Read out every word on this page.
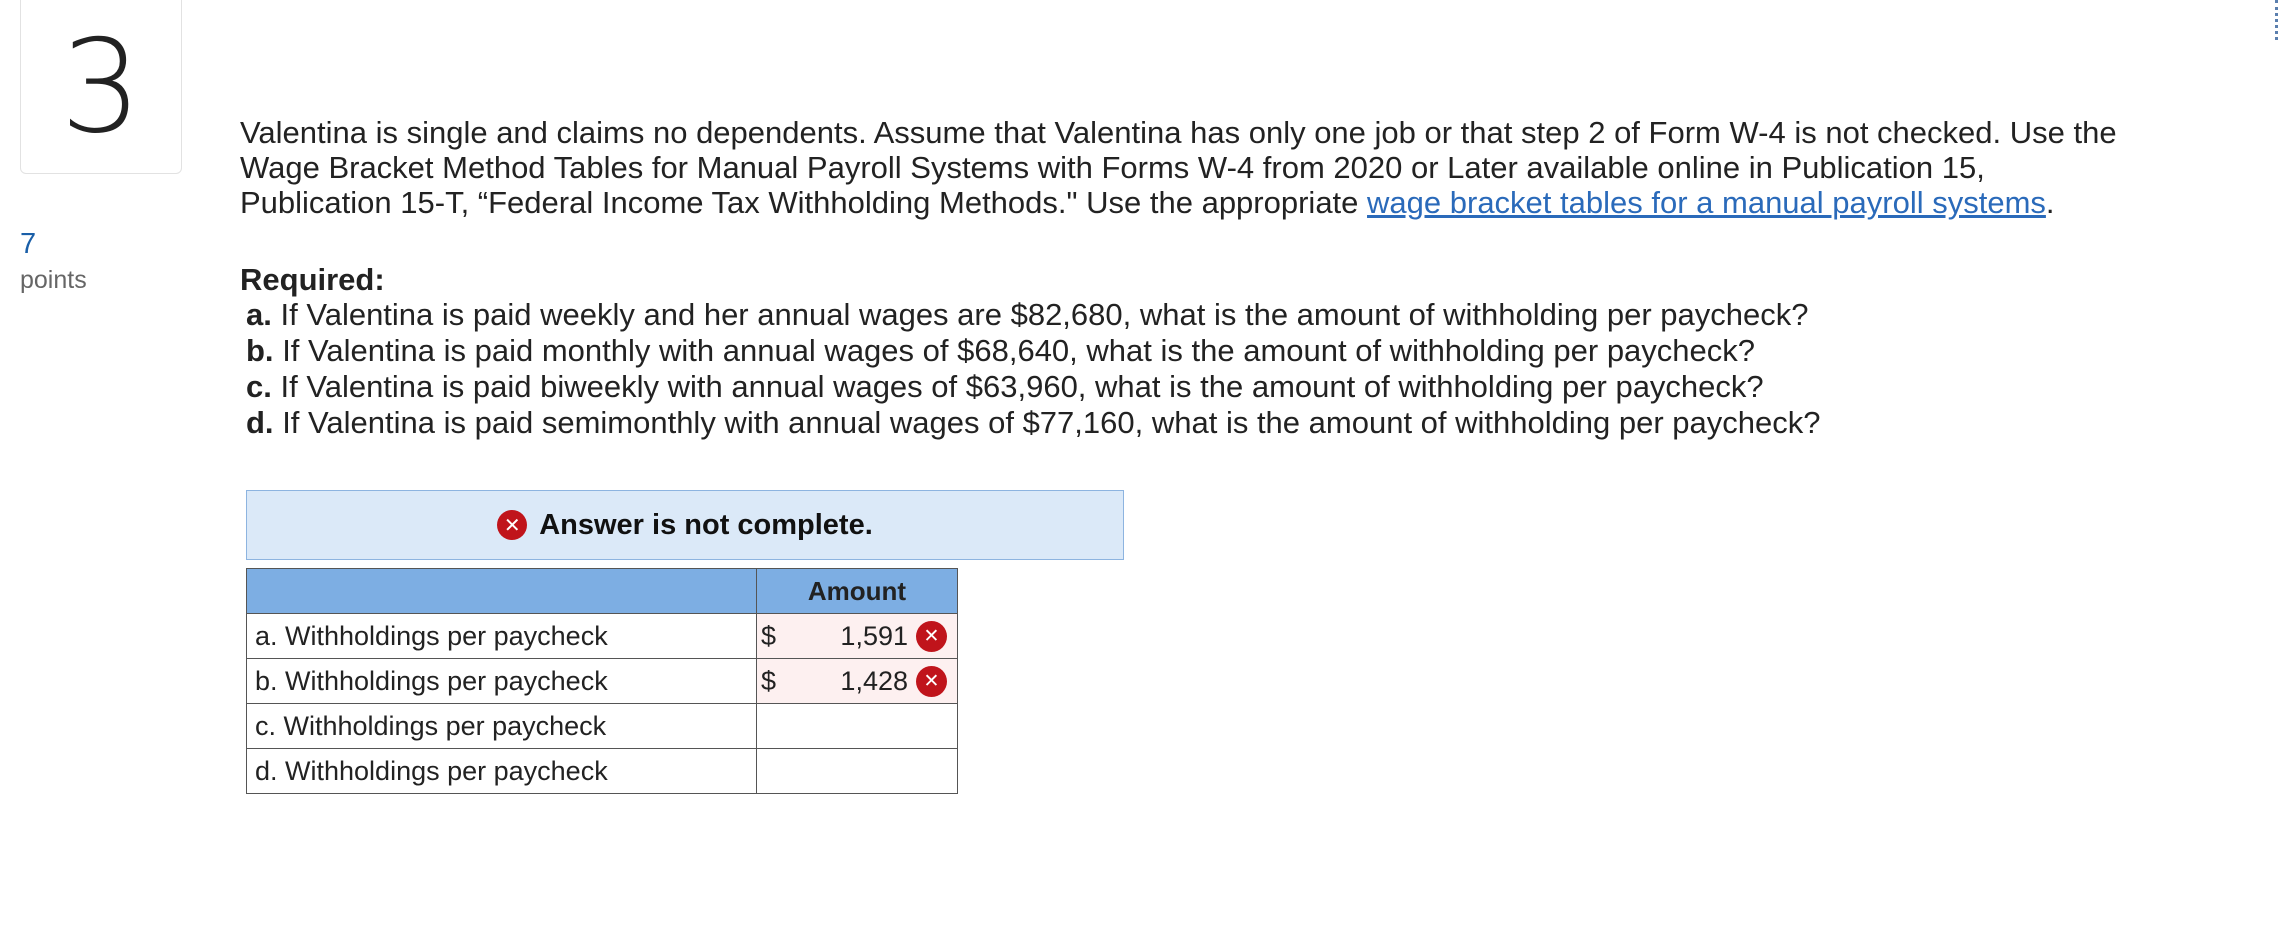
3
7
points
Valentina is single and claims no dependents. Assume that Valentina has only one job or that step 2 of Form W-4 is not checked. Use the Wage Bracket Method Tables for Manual Payroll Systems with Forms W-4 from 2020 or Later available online in Publication 15, Publication 15-T, “Federal Income Tax Withholding Methods." Use the appropriate wage bracket tables for a manual payroll systems.
Required:
a. If Valentina is paid weekly and her annual wages are $82,680, what is the amount of withholding per paycheck?
b. If Valentina is paid monthly with annual wages of $68,640, what is the amount of withholding per paycheck?
c. If Valentina is paid biweekly with annual wages of $63,960, what is the amount of withholding per paycheck?
d. If Valentina is paid semimonthly with annual wages of $77,160, what is the amount of withholding per paycheck?
✕ Answer is not complete.
	Amount
a. Withholdings per paycheck	$ 1,591 ✕

b. Withholdings per paycheck	$ 1,428 ✕

c. Withholdings per paycheck	
d. Withholdings per paycheck	
